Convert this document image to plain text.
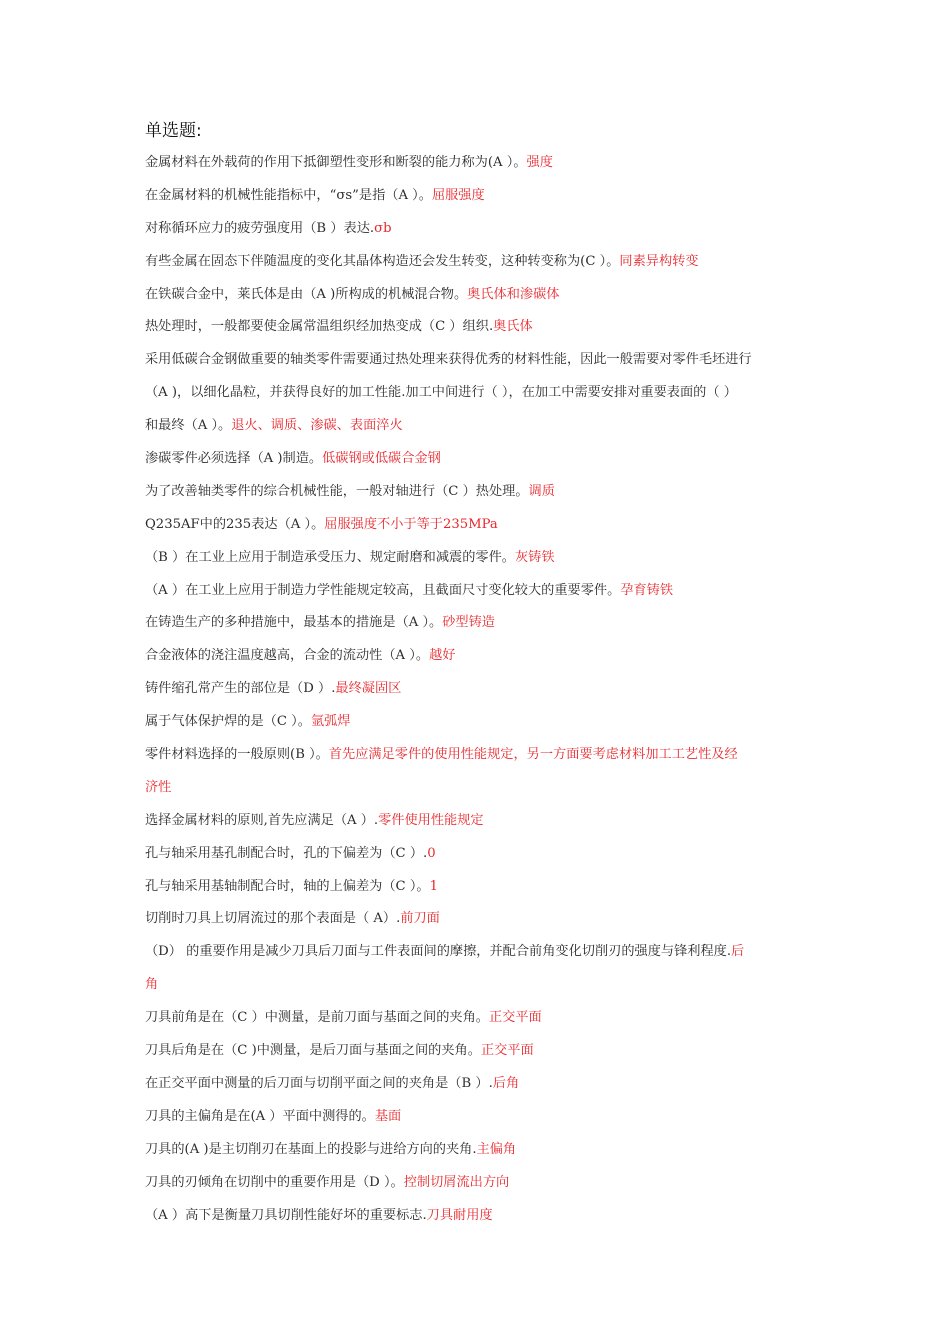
单选题:
金属材料在外载荷的作用下抵御塑性变形和断裂的能力称为(A ）。强度
在金属材料的机械性能指标中，“σs”是指（A ）。屈服强度
对称循环应力的疲劳强度用（B ）表达.σb
有些金属在固态下伴随温度的变化其晶体构造还会发生转变，这种转变称为(C ）。同素异构转变
在铁碳合金中，莱氏体是由（A )所构成的机械混合物。奥氏体和渗碳体
热处理时，一般都要使金属常温组织经加热变成（C ）组织.奥氏体
采用低碳合金钢做重要的轴类零件需要通过热处理来获得优秀的材料性能，因此一般需要对零件毛坯进行
（A )，以细化晶粒，并获得良好的加工性能.加工中间进行（ ），在加工中需要安排对重要表面的（ ）
和最终（A ）。退火、调质、渗碳、表面淬火
渗碳零件必须选择（A )制造。低碳钢或低碳合金钢
为了改善轴类零件的综合机械性能，一般对轴进行（C ）热处理。调质
Q235AF中的235表达（A ）。屈服强度不小于等于235MPa
（B ）在工业上应用于制造承受压力、规定耐磨和减震的零件。灰铸铁
（A ）在工业上应用于制造力学性能规定较高，且截面尺寸变化较大的重要零件。孕育铸铁
在铸造生产的多种措施中，最基本的措施是（A ）。砂型铸造
合金液体的浇注温度越高，合金的流动性（A ）。越好
铸件缩孔常产生的部位是（D ）.最终凝固区
属于气体保护焊的是（C ）。氩弧焊
零件材料选择的一般原则(B ）。首先应满足零件的使用性能规定，另一方面要考虑材料加工工艺性及经
济性
选择金属材料的原则,首先应满足（A ）.零件使用性能规定
孔与轴采用基孔制配合时，孔的下偏差为（C ）.0
孔与轴采用基轴制配合时，轴的上偏差为（C ）。1
切削时刀具上切屑流过的那个表面是（ A）.前刀面
（D） 的重要作用是减少刀具后刀面与工件表面间的摩擦，并配合前角变化切削刃的强度与锋利程度.后
角
刀具前角是在（C ）中测量，是前刀面与基面之间的夹角。正交平面
刀具后角是在（C )中测量，是后刀面与基面之间的夹角。正交平面
在正交平面中测量的后刀面与切削平面之间的夹角是（B ）.后角
刀具的主偏角是在(A ）平面中测得的。基面
刀具的(A )是主切削刃在基面上的投影与进给方向的夹角.主偏角
刀具的刃倾角在切削中的重要作用是（D ）。控制切屑流出方向
（A ）高下是衡量刀具切削性能好坏的重要标志.刀具耐用度
